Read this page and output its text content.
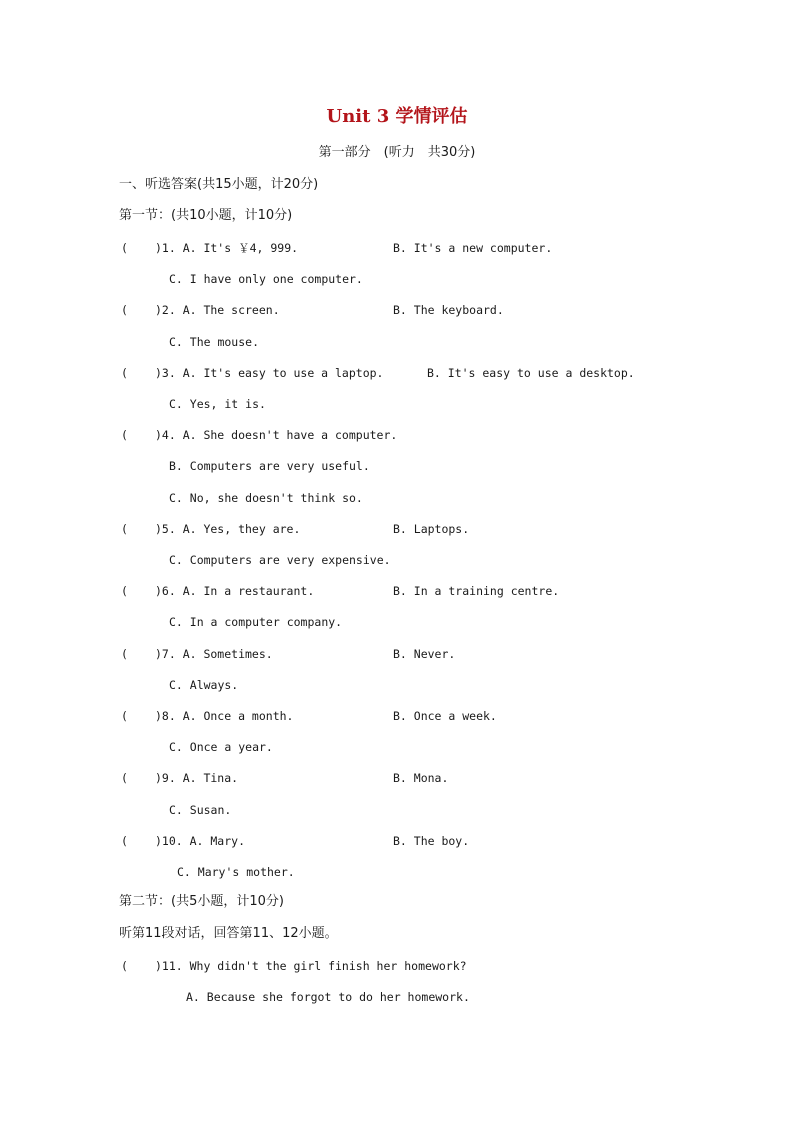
Unit 3 学情评估
第一部分　(听力　共30分)
一、听选答案(共15小题，计20分)
第一节：(共10小题，计10分)
( )1. A. It's ￥4, 999.	B. It's a new computer.
C. I have only one computer.
( )2. A. The screen.	B. The keyboard.
C. The mouse.
( )3. A. It's easy to use a laptop.	B. It's easy to use a desktop.
C. Yes, it is.
( )4. A. She doesn't have a computer.
B. Computers are very useful.
C. No, she doesn't think so.
( )5. A. Yes, they are.	B. Laptops.
C. Computers are very expensive.
( )6. A. In a restaurant.	B. In a training centre.
C. In a computer company.
( )7. A. Sometimes.	B. Never.
C. Always.
( )8. A. Once a month.	B. Once a week.
C. Once a year.
( )9. A. Tina.	B. Mona.
C. Susan.
( )10. A. Mary.	B. The boy.
C. Mary's mother.
第二节：(共5小题，计10分)
听第11段对话，回答第11、12小题。
( )11. Why didn't the girl finish her homework?
A. Because she forgot to do her homework.
